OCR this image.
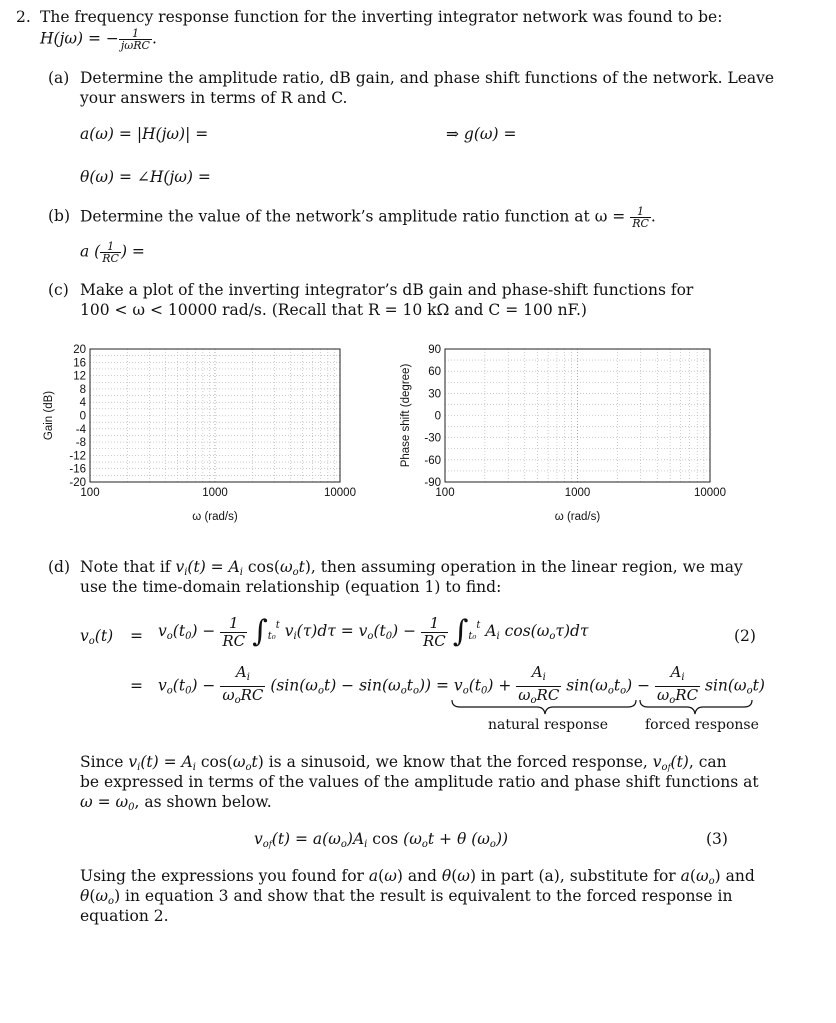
2. The frequency response function for the inverting integrator network was found to be:
H(jω) = − $\frac{1}{\text{jωRC}}$ .
(a) Determine the amplitude ratio, dB gain, and phase shift functions of the network. Leave
your answers in terms of R and C.
a(ω) = |H(jω)| =	⇒ g(ω) =
θ(ω) = ∠H(jω) =
(b) Determine the value of the network’s amplitude ratio function at $\omega = \frac{1}{RC}$ .
a ( $\frac{1}{RC}$ ) =
(c) Make a plot of the inverting integrator’s dB gain and phase-shift functions for
100 < ω < 10000 rad/s. (Recall that R = 10 kΩ and C = 100 nF.)
20
16
12
8
4
0
-4
-8
-12
-16
-20
100	1000	10000
ω (rad/s)
Gain (dB)
90
60
30
0
-30
-60
-90
100	1000	10000
ω (rad/s)
Phase shift (degree)
(d) Note that if $v_i(t) = A_i$ $\cos(\omega_ot)$, then assuming operation in the linear region, we may
use the time-domain relationship (equation 1) to find:
$v_o(t) = v_o(t_0) - \frac{1}{RC} \int_{t_0}^t$ $v_i(\tau)d\tau = v_o(t_0) - \frac{1}{RC} \int_{t_0}^t$ $A_i$ $\cos(\omega_o\tau)d\tau$	(2)
= $v_o(t_0) - \frac{A_i}{\omega_oRC} (\sin(\omega_ot) - \sin(\omega_ot_o)) = v_o(t_0) + \frac{A_i}{\omega_oRC} \sin(\omega_ot_o) - \frac{A_i}{\omega_oRC} \sin(\omega_ot)$
natural response	forced response
Since $v_i(t) = A_i$ $\cos(\omega_ot)$ is a sinusoid, we know that the forced response, $v_{of}(t)$, can
be expressed in terms of the values of the amplitude ratio and phase shift functions at
$\omega = \omega_0$, as shown below.
$v_{of}(t) = a(\omega_o)A_i$ $\cos (\omega_ot + \theta$ $(\omega_o)$)	(3)
Using the expressions you found for a(ω) and θ(ω) in part (a), substitute for $a(\omega_o)$ and
$\theta(\omega_o)$ in equation 3 and show that the result is equivalent to the forced response in
equation 2.
